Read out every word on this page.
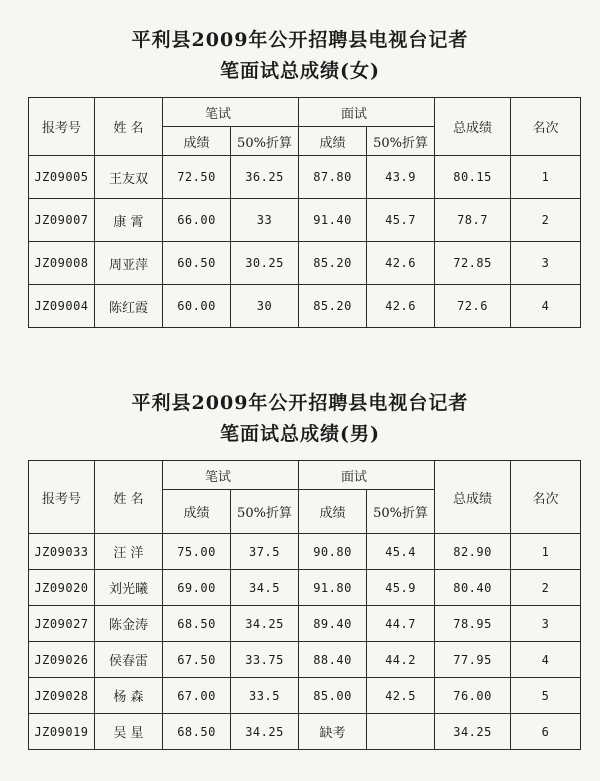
平利县2009年公开招聘县电视台记者
笔面试总成绩(女)
报考号	姓 名	笔试		面试		总成绩	名次
		成绩	50%折算	成绩	50%折算		
JZ09005	王友双	72.50	36.25	87.80	43.9	80.15	1
JZ09007	康 霄	66.00	33	91.40	45.7	78.7	2
JZ09008	周亚萍	60.50	30.25	85.20	42.6	72.85	3
JZ09004	陈红霞	60.00	30	85.20	42.6	72.6	4
平利县2009年公开招聘县电视台记者
笔面试总成绩(男)
报考号	姓 名	笔试		面试		总成绩	名次
		成绩	50%折算	成绩	50%折算		
JZ09033	汪 洋	75.00	37.5	90.80	45.4	82.90	1
JZ09020	刘光曦	69.00	34.5	91.80	45.9	80.40	2
JZ09027	陈金涛	68.50	34.25	89.40	44.7	78.95	3
JZ09026	侯春雷	67.50	33.75	88.40	44.2	77.95	4
JZ09028	杨 森	67.00	33.5	85.00	42.5	76.00	5
JZ09019	吴 星	68.50	34.25	缺考		34.25	6
